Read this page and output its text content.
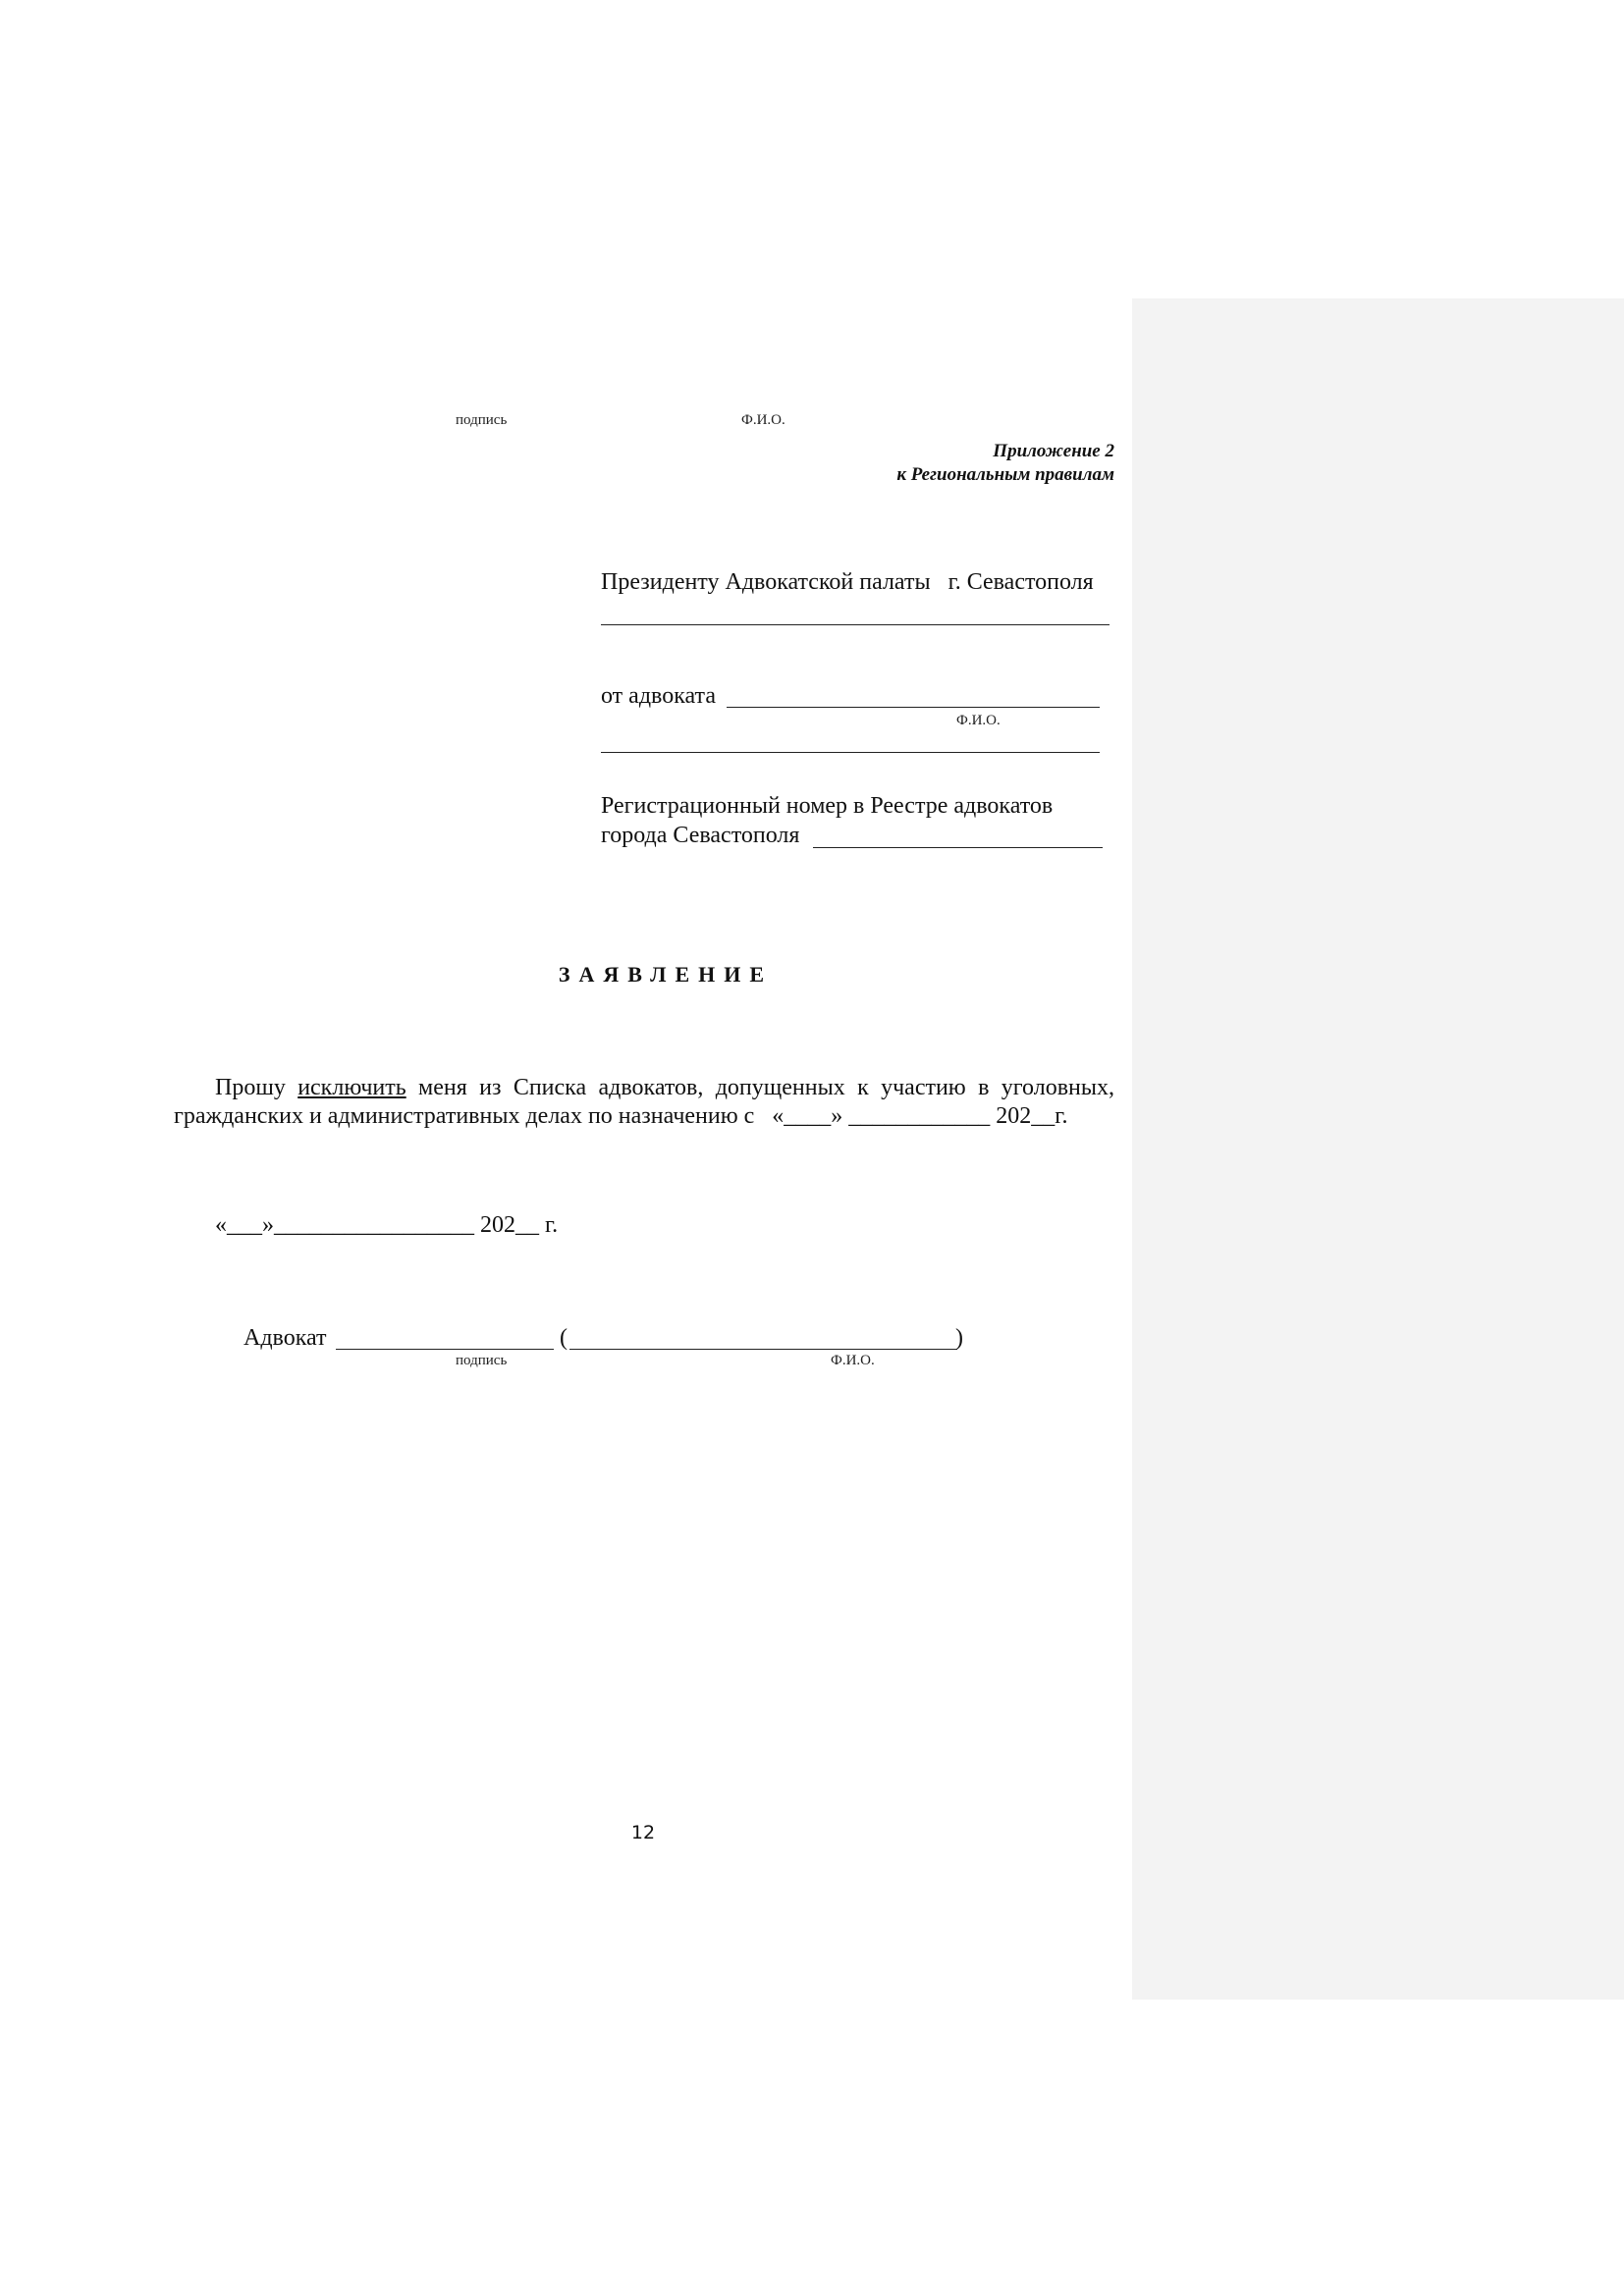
подпись	Ф.И.О.
Приложение 2
к Региональным правилам
Президенту Адвокатской палаты   г. Севастополя
от адвоката
Ф.И.О.
Регистрационный номер в Реестре адвокатов
города Севастополя
ЗАЯВЛЕНИЕ
Прошу исключить меня из Списка адвокатов, допущенных к участию в уголовных,
гражданских и административных делах по назначению с   «____» ____________ 202__г.
«___»_________________ 202__ г.
Адвокат	(	)
подпись	Ф.И.О.
12
